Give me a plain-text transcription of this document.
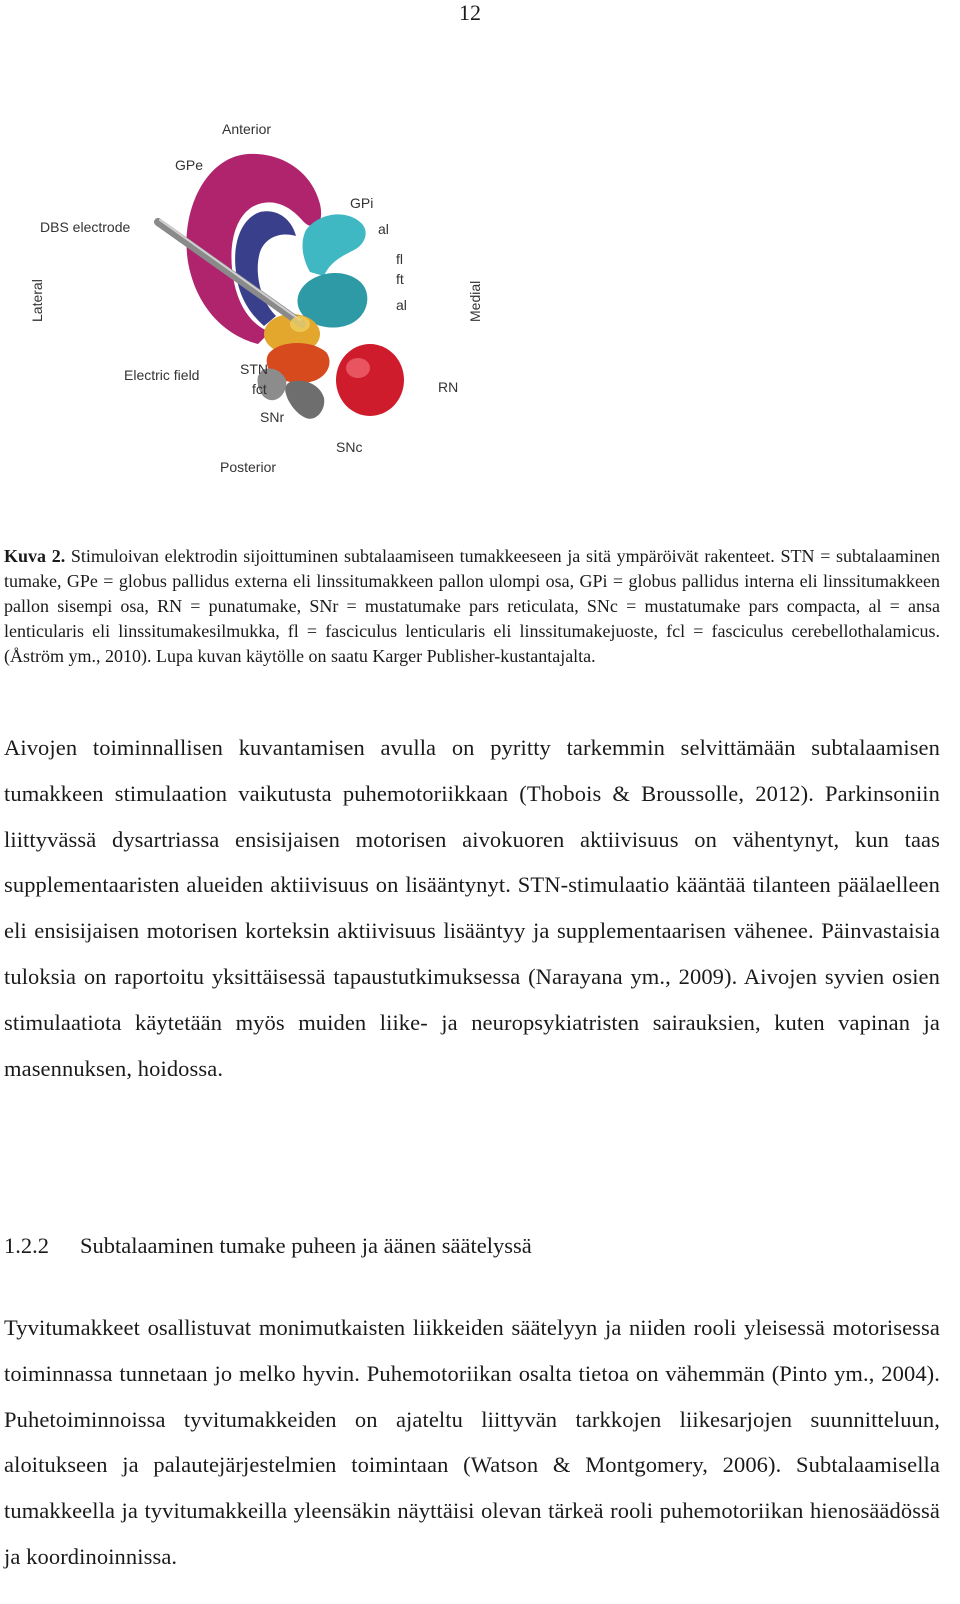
12
Anterior
GPe
GPi
DBS electrode	al
fl
ft
al
Electric field	STN
fct
SNr
SNc
RN
Posterior
Lateral	Medial

Kuva 2. Stimuloivan elektrodin sijoittuminen subtalaamiseen tumakkeeseen ja sitä ympäröivät rakenteet. STN = subtalaaminen tumake, GPe = globus pallidus externa eli linssitumakkeen pallon ulompi osa, GPi = globus pallidus interna eli linssitumakkeen pallon sisempi osa, RN = punatumake, SNr = mustatumake pars reticulata, SNc = mustatumake pars compacta, al = ansa lenticularis eli linssitumakesilmukka, fl = fasciculus lenticularis eli linssitumakejuoste, fcl = fasciculus cerebellothalamicus. (Åström ym., 2010). Lupa kuvan käytölle on saatu Karger Publisher-kustantajalta.

Aivojen toiminnallisen kuvantamisen avulla on pyritty tarkemmin selvittämään subtalaamisen tumakkeen stimulaation vaikutusta puhemotoriikkaan (Thobois & Broussolle, 2012). Parkinsoniin liittyvässä dysartriassa ensisijaisen motorisen aivokuoren aktiivisuus on vähentynyt, kun taas supplementaaristen alueiden aktiivisuus on lisääntynyt. STN-stimulaatio kääntää tilanteen päälaelleen eli ensisijaisen motorisen korteksin aktiivisuus lisääntyy ja supplementaarisen vähenee. Päinvastaisia tuloksia on raportoitu yksittäisessä tapaustutkimuksessa (Narayana ym., 2009). Aivojen syvien osien stimulaatiota käytetään myös muiden liike- ja neuropsykiatristen sairauksien, kuten vapinan ja masennuksen, hoidossa.

1.2.2 Subtalaaminen tumake puheen ja äänen säätelyssä

Tyvitumakkeet osallistuvat monimutkaisten liikkeiden säätelyyn ja niiden rooli yleisessä motorisessa toiminnassa tunnetaan jo melko hyvin. Puhemotoriikan osalta tietoa on vähemmän (Pinto ym., 2004). Puhetoiminnoissa tyvitumakkeiden on ajateltu liittyvän tarkkojen liikesarjojen suunnitteluun, aloitukseen ja palautejärjestelmien toimintaan (Watson & Montgomery, 2006). Subtalaamisella tumakkeella ja tyvitumakkeilla yleensäkin näyttäisi olevan tärkeä rooli puhemotoriikan hienosäädössä ja koordinoinnissa.
